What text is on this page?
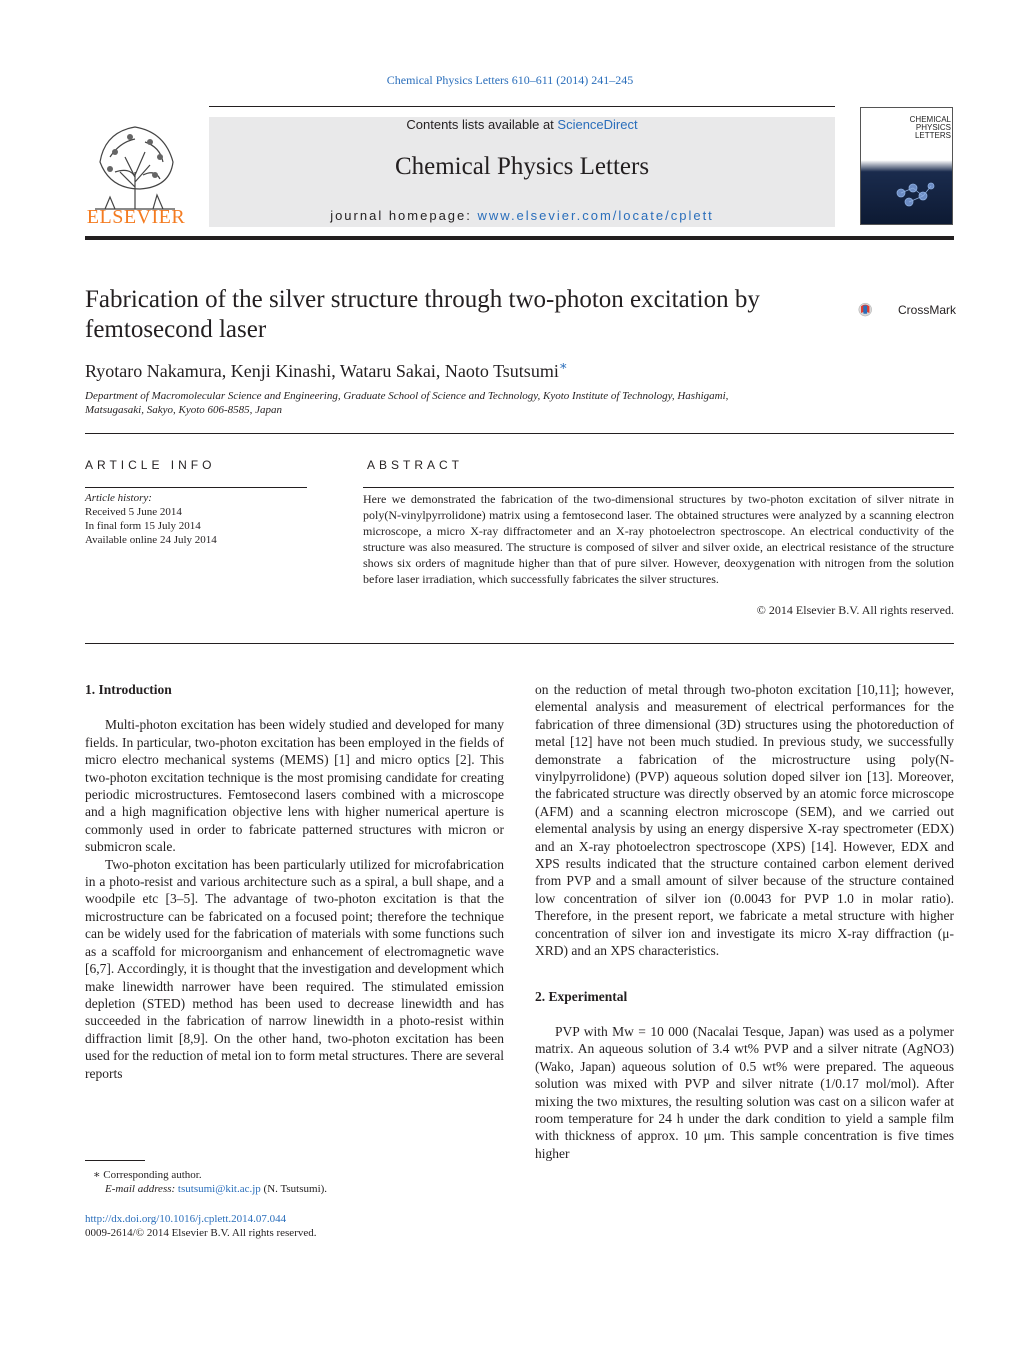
Chemical Physics Letters 610–611 (2014) 241–245
ELSEVIER
Contents lists available at ScienceDirect
Chemical Physics Letters
journal homepage: www.elsevier.com/locate/cplett
CHEMICAL PHYSICS LETTERS
Fabrication of the silver structure through two-photon excitation by femtosecond laser
CrossMark
Ryotaro Nakamura, Kenji Kinashi, Wataru Sakai, Naoto Tsutsumi∗
Department of Macromolecular Science and Engineering, Graduate School of Science and Technology, Kyoto Institute of Technology, Hashigami,
Matsugasaki, Sakyo, Kyoto 606-8585, Japan
ARTICLE INFO
Article history:
Received 5 June 2014
In final form 15 July 2014
Available online 24 July 2014
ABSTRACT
Here we demonstrated the fabrication of the two-dimensional structures by two-photon excitation of silver nitrate in poly(N-vinylpyrrolidone) matrix using a femtosecond laser. The obtained structures were analyzed by a scanning electron microscope, a micro X-ray diffractometer and an X-ray photoelectron spectroscope. An electrical conductivity of the structure was also measured. The structure is composed of silver and silver oxide, an electrical resistance of the structure shows six orders of magnitude higher than that of pure silver. However, deoxygenation with nitrogen from the solution before laser irradiation, which successfully fabricates the silver structures.
© 2014 Elsevier B.V. All rights reserved.
1. Introduction

Multi-photon excitation has been widely studied and developed for many fields. In particular, two-photon excitation has been employed in the fields of micro electro mechanical systems (MEMS) [1] and micro optics [2]. This two-photon excitation technique is the most promising candidate for creating periodic microstructures. Femtosecond lasers combined with a microscope and a high magnification objective lens with higher numerical aperture is commonly used in order to fabricate patterned structures with micron or submicron scale.

Two-photon excitation has been particularly utilized for microfabrication in a photo-resist and various architecture such as a spiral, a bull shape, and a woodpile etc [3–5]. The advantage of two-photon excitation is that the microstructure can be fabricated on a focused point; therefore the technique can be widely used for the fabrication of materials with some functions such as a scaffold for microorganism and enhancement of electromagnetic wave [6,7]. Accordingly, it is thought that the investigation and development which make linewidth narrower have been required. The stimulated emission depletion (STED) method has been used to decrease linewidth and has succeeded in the fabrication of narrow linewidth in a photo-resist within diffraction limit [8,9]. On the other hand, two-photon excitation has been used for the reduction of metal ion to form metal structures. There are several reports

on the reduction of metal through two-photon excitation [10,11]; however, elemental analysis and measurement of electrical performances for the fabrication of three dimensional (3D) structures using the photoreduction of metal [12] have not been much studied. In previous study, we successfully demonstrate a fabrication of the microstructure using poly(N-vinylpyrrolidone) (PVP) aqueous solution doped silver ion [13]. Moreover, the fabricated structure was directly observed by an atomic force microscope (AFM) and a scanning electron microscope (SEM), and we carried out elemental analysis by using an energy dispersive X-ray spectrometer (EDX) and an X-ray photoelectron spectroscope (XPS) [14]. However, EDX and XPS results indicated that the structure contained carbon element derived from PVP and a small amount of silver because of the structure contained low concentration of silver ion (0.0043 for PVP 1.0 in molar ratio). Therefore, in the present report, we fabricate a metal structure with higher concentration of silver ion and investigate its micro X-ray diffraction (μ-XRD) and an XPS characteristics.

2. Experimental

PVP with Mw = 10 000 (Nacalai Tesque, Japan) was used as a polymer matrix. An aqueous solution of 3.4 wt% PVP and a silver nitrate (AgNO3) (Wako, Japan) aqueous solution of 0.5 wt% were prepared. The aqueous solution was mixed with PVP and silver nitrate (1/0.17 mol/mol). After mixing the two mixtures, the resulting solution was cast on a silicon wafer at room temperature for 24 h under the dark condition to yield a sample film with thickness of approx. 10 μm. This sample concentration is five times higher

∗ Corresponding author.
E-mail address: tsutsumi@kit.ac.jp (N. Tsutsumi).
http://dx.doi.org/10.1016/j.cplett.2014.07.044
0009-2614/© 2014 Elsevier B.V. All rights reserved.
